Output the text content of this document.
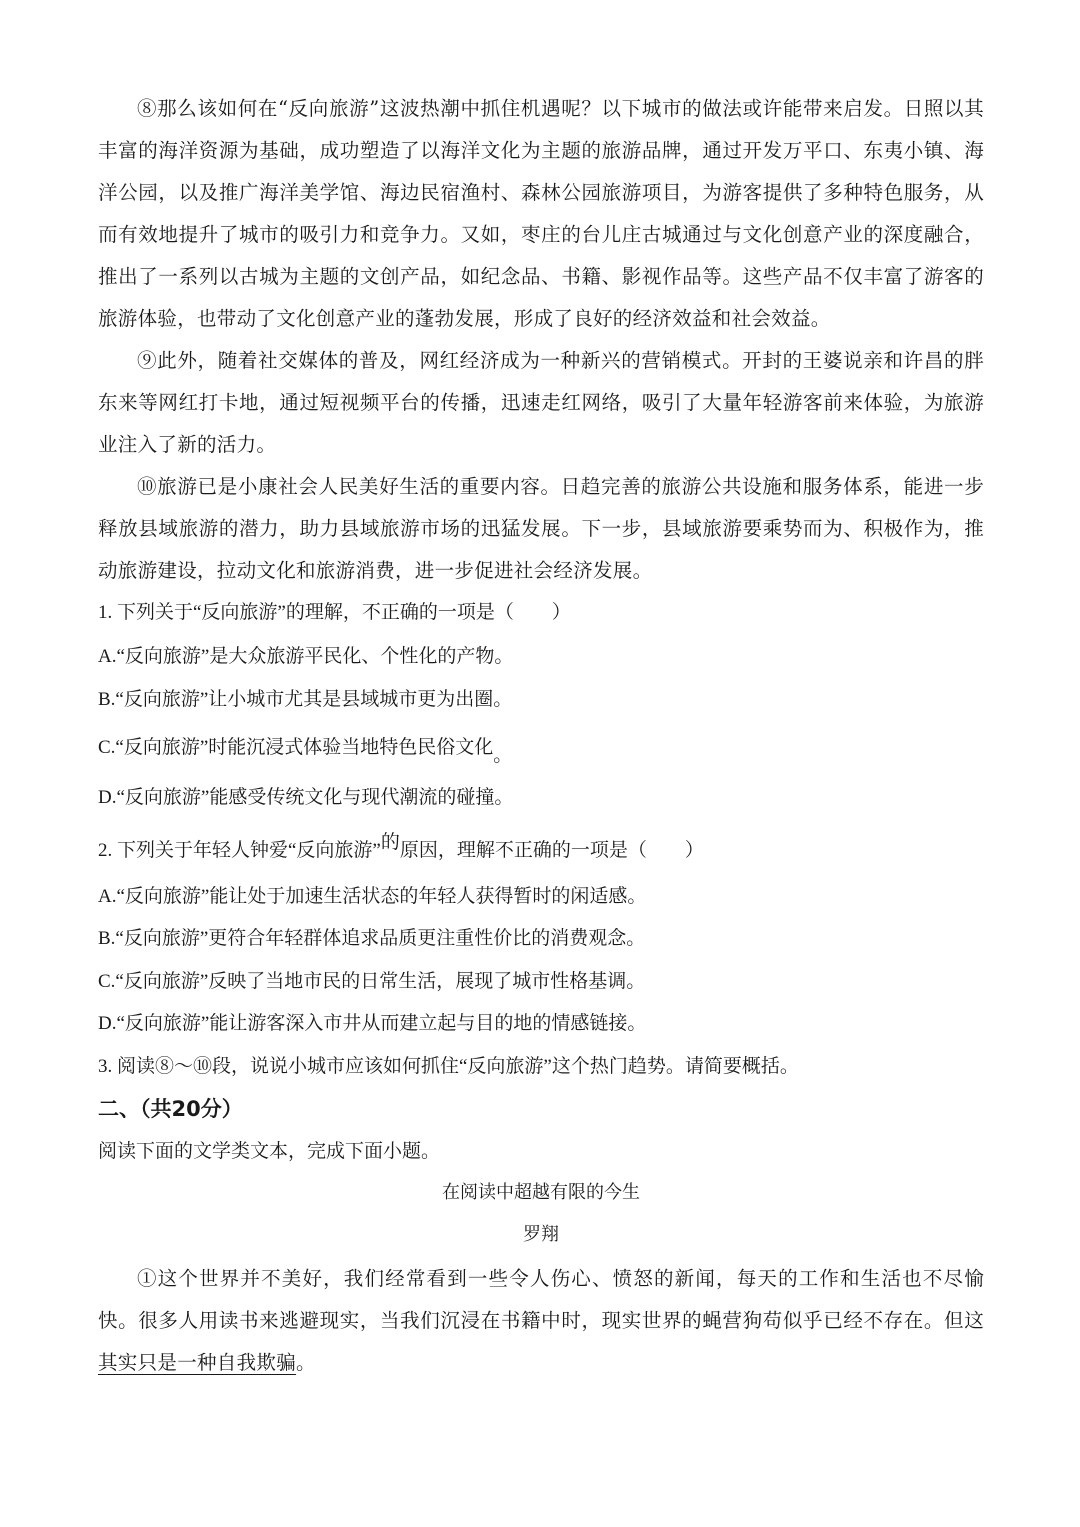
⑧那么该如何在“反向旅游”这波热潮中抓住机遇呢？以下城市的做法或许能带来启发。日照以其丰富的海洋资源为基础，成功塑造了以海洋文化为主题的旅游品牌，通过开发万平口、东夷小镇、海洋公园，以及推广海洋美学馆、海边民宿渔村、森林公园旅游项目，为游客提供了多种特色服务，从而有效地提升了城市的吸引力和竞争力。又如，枣庄的台儿庄古城通过与文化创意产业的深度融合，推出了一系列以古城为主题的文创产品，如纪念品、书籍、影视作品等。这些产品不仅丰富了游客的旅游体验，也带动了文化创意产业的蓬勃发展，形成了良好的经济效益和社会效益。

⑨此外，随着社交媒体的普及，网红经济成为一种新兴的营销模式。开封的王婆说亲和许昌的胖东来等网红打卡地，通过短视频平台的传播，迅速走红网络，吸引了大量年轻游客前来体验，为旅游业注入了新的活力。

⑩旅游已是小康社会人民美好生活的重要内容。日趋完善的旅游公共设施和服务体系，能进一步释放县域旅游的潜力，助力县域旅游市场的迅猛发展。下一步，县域旅游要乘势而为、积极作为，推动旅游建设，拉动文化和旅游消费，进一步促进社会经济发展。

1. 下列关于“反向旅游”的理解，不正确的一项是（　　）

A.“反向旅游”是大众旅游平民化、个性化的产物。

B.“反向旅游”让小城市尤其是县域城市更为出圈。

C.“反向旅游”时能沉浸式体验当地特色民俗文化。

D.“反向旅游”能感受传统文化与现代潮流的碰撞。

2. 下列关于年轻人钟爱“反向旅游”的原因，理解不正确的一项是（　　）

A.“反向旅游”能让处于加速生活状态的年轻人获得暂时的闲适感。

B.“反向旅游”更符合年轻群体追求品质更注重性价比的消费观念。

C.“反向旅游”反映了当地市民的日常生活，展现了城市性格基调。

D.“反向旅游”能让游客深入市井从而建立起与目的地的情感链接。

3. 阅读⑧～⑩段，说说小城市应该如何抓住“反向旅游”这个热门趋势。请简要概括。

二、（共20分）

阅读下面的文学类文本，完成下面小题。

在阅读中超越有限的今生

罗翔

①这个世界并不美好，我们经常看到一些令人伤心、愤怒的新闻，每天的工作和生活也不尽愉快。很多人用读书来逃避现实，当我们沉浸在书籍中时，现实世界的蝇营狗苟似乎已经不存在。但这其实只是一种自我欺骗。
